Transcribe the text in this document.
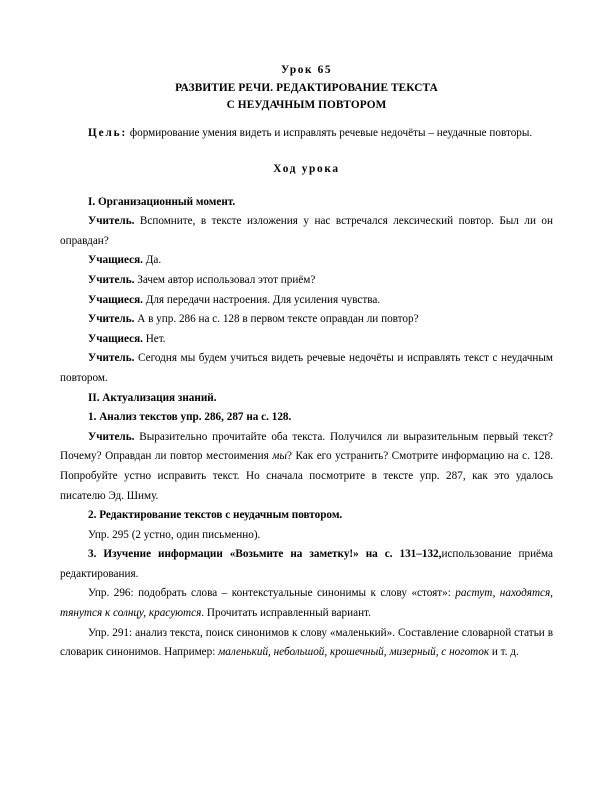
Урок 65
РАЗВИТИЕ РЕЧИ. РЕДАКТИРОВАНИЕ ТЕКСТА
С НЕУДАЧНЫМ ПОВТОРОМ

Цель: формирование умения видеть и исправлять речевые недочёты – неудачные повторы.

Ход урока

I. Организационный момент.

Учитель. Вспомните, в тексте изложения у нас встречался лексический повтор. Был ли он оправдан?

Учащиеся. Да.

Учитель. Зачем автор использовал этот приём?

Учащиеся. Для передачи настроения. Для усиления чувства.

Учитель. А в упр. 286 на с. 128 в первом тексте оправдан ли повтор?

Учащиеся. Нет.

Учитель. Сегодня мы будем учиться видеть речевые недочёты и исправлять текст с неудачным повтором.

II. Актуализация знаний.

1. Анализ текстов упр. 286, 287 на с. 128.

Учитель. Выразительно прочитайте оба текста. Получился ли выразительным первый текст? Почему? Оправдан ли повтор местоимения мы? Как его устранить? Смотрите информацию на с. 128. Попробуйте устно исправить текст. Но сначала посмотрите в тексте упр. 287, как это удалось писателю Эд. Шиму.

2. Редактирование текстов с неудачным повтором.

Упр. 295 (2 устно, один письменно).

3. Изучение информации «Возьмите на заметку!» на с. 131–132,использование приёма редактирования.

Упр. 296: подобрать слова – контекстуальные синонимы к слову «стоят»: растут, находятся, тянутся к солнцу, красуются. Прочитать исправленный вариант.

Упр. 291: анализ текста, поиск синонимов к слову «маленький». Составление словарной статьи в словарик синонимов. Например: маленький, небольшой, крошечный, мизерный, с ноготок и т. д.
